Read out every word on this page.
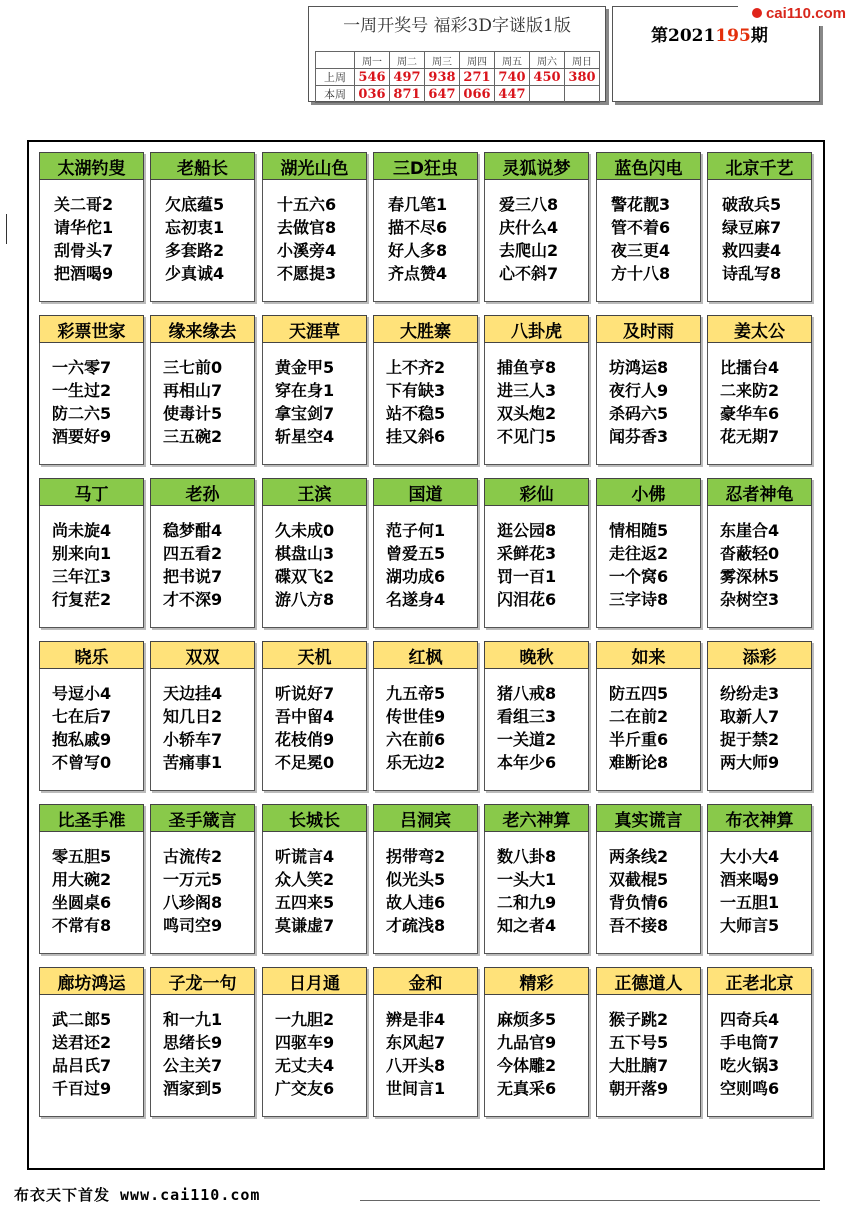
一周开奖号 福彩3D字谜版1版
	周一	周二	周三	周四	周五	周六	周日
上周	546	497	938	271	740	450	380
本周	036	871	647	066	447		
第2021195期
cai110.com
太湖钓叟
关二哥2
请华佗1
刮骨头7
把酒喝9
老船长
欠底蕴5
忘初衷1
多套路2
少真诚4
湖光山色
十五六6
去做官8
小溪旁4
不愿提3
三D狂虫
春几笔1
描不尽6
好人多8
齐点赞4
灵狐说梦
爱三八8
庆什么4
去爬山2
心不斜7
蓝色闪电
警花靓3
管不着6
夜三更4
方十八8
北京千艺
破敌兵5
绿豆麻7
救四妻4
诗乱写8
彩票世家
一六零7
一生过2
防二六5
酒要好9
缘来缘去
三七前0
再相山7
使毒计5
三五碗2
天涯草
黄金甲5
穿在身1
拿宝剑7
斩星空4
大胜寨
上不齐2
下有缺3
站不稳5
挂又斜6
八卦虎
捕鱼亨8
进三人3
双头炮2
不见门5
及时雨
坊鸿运8
夜行人9
杀码六5
闻芬香3
姜太公
比擂台4
二来防2
豪华车6
花无期7
马丁
尚未旋4
别来向1
三年江3
行复茫2
老孙
稳梦酣4
四五看2
把书说7
才不深9
王滨
久未成0
棋盘山3
碟双飞2
游八方8
国道
范子何1
曾爱五5
湖功成6
名遂身4
彩仙
逛公园8
采鲜花3
罚一百1
闪泪花6
小佛
情相随5
走往返2
一个窝6
三字诗8
忍者神龟
东崖合4
沓蔽轻0
雾深林5
杂树空3
晓乐
号逗小4
七在后7
抱私戚9
不曾写0
双双
天边挂4
知几日2
小轿车7
苦痛事1
天机
听说好7
吾中留4
花枝俏9
不足冕0
红枫
九五帝5
传世佳9
六在前6
乐无边2
晚秋
猪八戒8
看组三3
一关道2
本年少6
如来
防五四5
二在前2
半斤重6
难断论8
添彩
纷纷走3
取新人7
捉于禁2
两大师9
比圣手准
零五胆5
用大碗2
坐圆桌6
不常有8
圣手箴言
古流传2
一万元5
八珍阁8
鸣司空9
长城长
听谎言4
众人笑2
五四来5
莫谦虚7
吕洞宾
拐带弯2
似光头5
故人违6
才疏浅8
老六神算
数八卦8
一头大1
二和九9
知之者4
真实谎言
两条线2
双截棍5
背负情6
吾不接8
布衣神算
大小大4
酒来喝9
一五胆1
大师言5
廊坊鸿运
武二郎5
送君还2
品吕氏7
千百过9
子龙一句
和一九1
思绪长9
公主关7
酒家到5
日月通
一九胆2
四驱车9
无丈夫4
广交友6
金和
辨是非4
东风起7
八开头8
世间言1
精彩
麻烦多5
九品官9
今体雕2
无真采6
正德道人
猴子跳2
五下号5
大肚腩7
朝开落9
正老北京
四奇兵4
手电筒7
吃火锅3
空则鸣6
布衣天下首发 www.cai110.com
